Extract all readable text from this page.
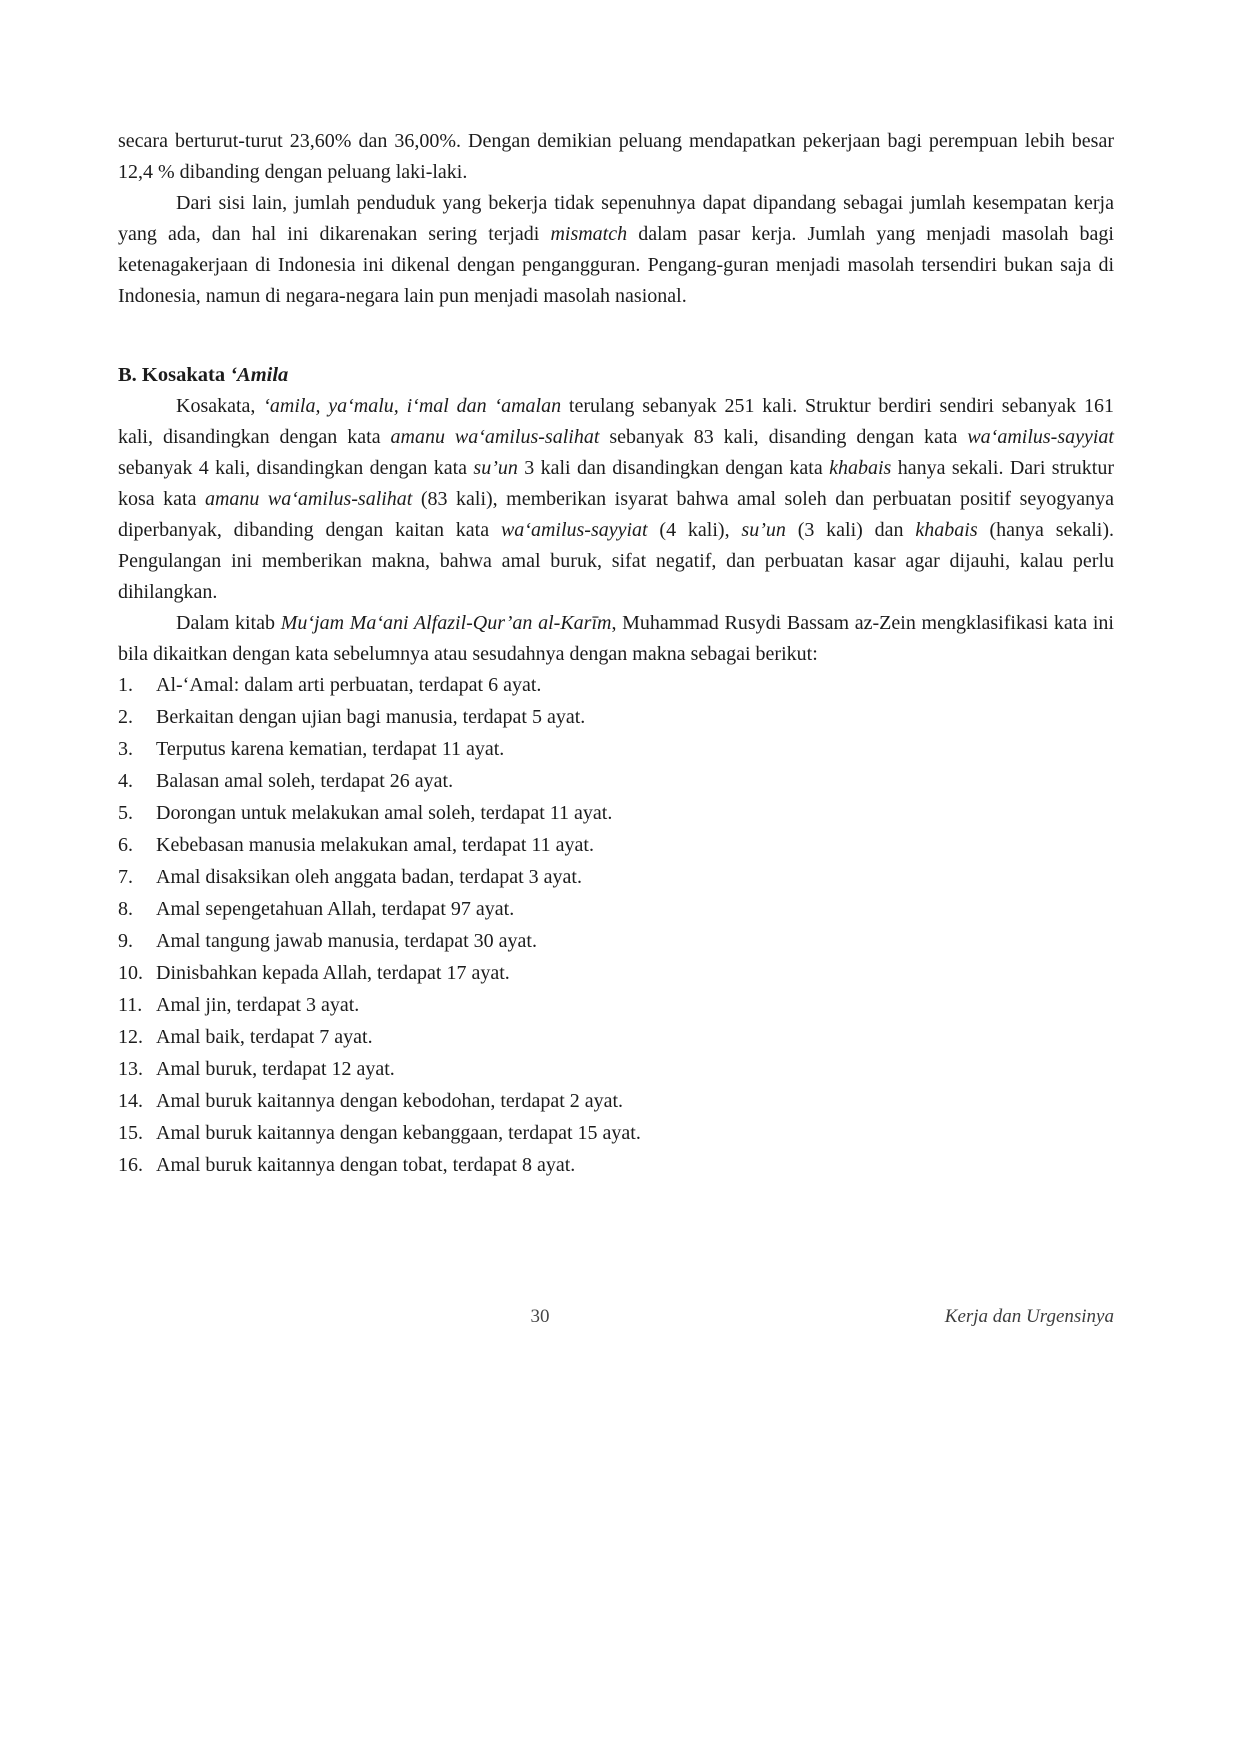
secara berturut-turut 23,60% dan 36,00%. Dengan demikian peluang mendapatkan pekerjaan bagi perempuan lebih besar 12,4 % dibanding dengan peluang laki-laki.
Dari sisi lain, jumlah penduduk yang bekerja tidak sepenuhnya dapat dipandang sebagai jumlah kesempatan kerja yang ada, dan hal ini dikarenakan sering terjadi mismatch dalam pasar kerja. Jumlah yang menjadi masolah bagi ketenagakerjaan di Indonesia ini dikenal dengan pengangguran. Pengang-guran menjadi masolah tersendiri bukan saja di Indonesia, namun di negara-negara lain pun menjadi masolah nasional.
B. Kosakata ‘Amila
Kosakata, ‘amila, ya‘malu, i‘mal dan ‘amalan terulang sebanyak 251 kali. Struktur berdiri sendiri sebanyak 161 kali, disandingkan dengan kata amanu wa‘amilus-salihat sebanyak 83 kali, disanding dengan kata wa‘amilus-sayyiat sebanyak 4 kali, disandingkan dengan kata su’un 3 kali dan disandingkan dengan kata khabais hanya sekali. Dari struktur kosa kata amanu wa‘amilus-salihat (83 kali), memberikan isyarat bahwa amal soleh dan perbuatan positif seyogyanya diperbanyak, dibanding dengan kaitan kata wa‘amilus-sayyiat (4 kali), su’un (3 kali) dan khabais (hanya sekali). Pengulangan ini memberikan makna, bahwa amal buruk, sifat negatif, dan perbuatan kasar agar dijauhi, kalau perlu dihilangkan.
Dalam kitab Mu‘jam Ma‘ani Alfazil-Qur’an al-Karīm, Muhammad Rusydi Bassam az-Zein mengklasifikasi kata ini bila dikaitkan dengan kata sebelumnya atau sesudahnya dengan makna sebagai berikut:
1.	Al-‘Amal: dalam arti perbuatan, terdapat 6 ayat.
2.	Berkaitan dengan ujian bagi manusia, terdapat 5 ayat.
3.	Terputus karena kematian, terdapat 11 ayat.
4.	Balasan amal soleh, terdapat 26 ayat.
5.	Dorongan untuk melakukan amal soleh, terdapat 11 ayat.
6.	Kebebasan manusia melakukan amal, terdapat 11 ayat.
7.	Amal disaksikan oleh anggata badan, terdapat 3 ayat.
8.	Amal sepengetahuan Allah, terdapat 97 ayat.
9.	Amal tangung jawab manusia, terdapat 30 ayat.
10. Dinisbahkan kepada Allah, terdapat 17 ayat.
11. Amal jin, terdapat 3 ayat.
12. Amal baik, terdapat 7 ayat.
13. Amal buruk, terdapat 12 ayat.
14. Amal buruk kaitannya dengan kebodohan, terdapat 2 ayat.
15. Amal buruk kaitannya dengan kebanggaan, terdapat 15 ayat.
16. Amal buruk kaitannya dengan tobat, terdapat 8 ayat.
30	Kerja dan Urgensinya
